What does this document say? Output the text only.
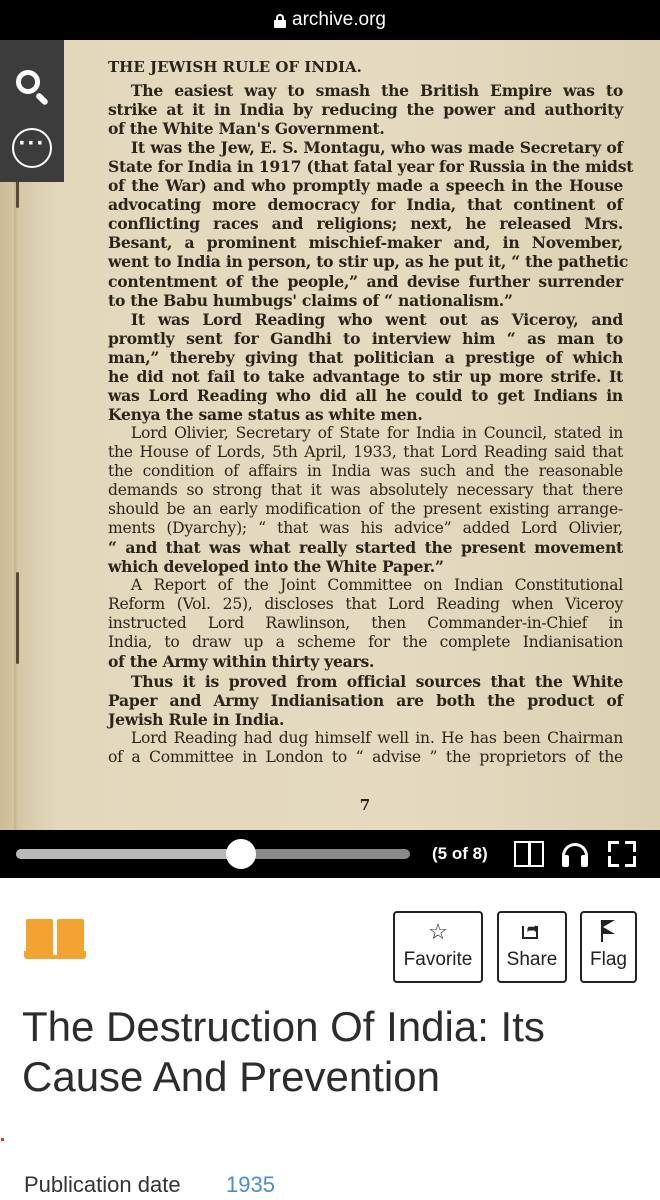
archive.org
THE JEWISH RULE OF INDIA.
  The easiest way to smash the British Empire was to
strike at it in India by reducing the power and authority
of the White Man's Government.
  It was the Jew, E. S. Montagu, who was made Secretary of
State for India in 1917 (that fatal year for Russia in the midst
of the War) and who promptly made a speech in the House
advocating more democracy for India, that continent of
conflicting races and religions; next, he released Mrs.
Besant, a prominent mischief-maker and, in November,
went to India in person, to stir up, as he put it, “ the pathetic
contentment of the people,” and devise further surrender
to the Babu humbugs' claims of “ nationalism.”
  It was Lord Reading who went out as Viceroy, and
promtly sent for Gandhi to interview him “ as man to
man,” thereby giving that politician a prestige of which
he did not fail to take advantage to stir up more strife. It
was Lord Reading who did all he could to get Indians in
Kenya the same status as white men.
  Lord Olivier, Secretary of State for India in Council, stated in
the House of Lords, 5th April, 1933, that Lord Reading said that
the condition of affairs in India was such and the reasonable
demands so strong that it was absolutely necessary that there
should be an early modification of the present existing arrange-
ments (Dyarchy); “ that was his advice” added Lord Olivier,
“ and that was what really started the present movement
which developed into the White Paper.”
  A Report of the Joint Committee on Indian Constitutional
Reform (Vol. 25), discloses that Lord Reading when Viceroy
instructed Lord Rawlinson, then Commander-in-Chief in
India, to draw up a scheme for the complete Indianisation
of the Army within thirty years.
  Thus it is proved from official sources that the White
Paper and Army Indianisation are both the product of
Jewish Rule in India.
  Lord Reading had dug himself well in. He has been Chairman
of a Committee in London to “ advise ” the proprietors of the
7
···
(5 of 8)
☆
Favorite
➦
Share	Flag
The Destruction Of India: Its Cause And Prevention
Publication date 1935
